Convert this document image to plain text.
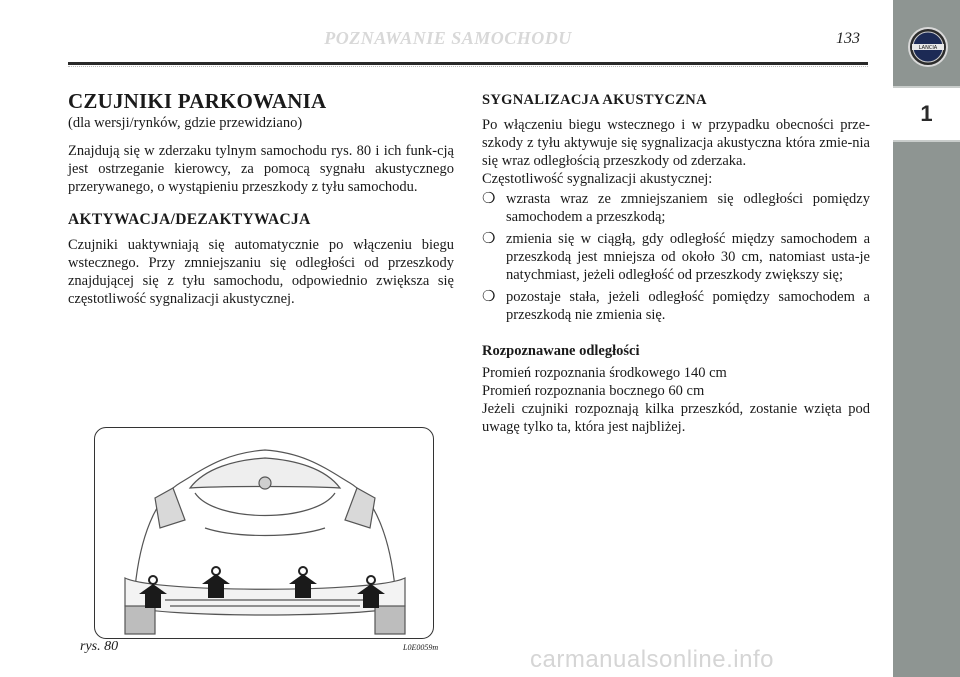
LANCIA
1
POZNAWANIE SAMOCHODU	133
CZUJNIKI PARKOWANIA
(dla wersji/rynków, gdzie przewidziano)

Znajdują się w zderzaku tylnym samochodu rys. 80 i ich funk-cją jest ostrzeganie kierowcy, za pomocą sygnału akustycznego przerywanego, o wystąpieniu przeszkody z tyłu samochodu.

AKTYWACJA/DEZAKTYWACJA

Czujniki uaktywniają się automatycznie po włączeniu biegu wstecznego. Przy zmniejszaniu się odległości od przeszkody znajdującej się z tyłu samochodu, odpowiednio zwiększa się częstotliwość sygnalizacji akustycznej.

SYGNALIZACJA AKUSTYCZNA

Po włączeniu biegu wstecznego i w przypadku obecności prze-szkody z tyłu aktywuje się sygnalizacja akustyczna która zmie-nia się wraz odległością przeszkody od zderzaka.

Częstotliwość sygnalizacji akustycznej:

❍ wzrasta wraz ze zmniejszaniem się odległości pomiędzy samochodem a przeszkodą;
❍ zmienia się w ciągłą, gdy odległość między samochodem a przeszkodą jest mniejsza od około 30 cm, natomiast usta-je natychmiast, jeżeli odległość od przeszkody zwiększy się;
❍ pozostaje stała, jeżeli odległość pomiędzy samochodem a przeszkodą nie zmienia się.
Rozpoznawane odległości

Promień rozpoznania środkowego 140 cm

Promień rozpoznania bocznego 60 cm

Jeżeli czujniki rozpoznają kilka przeszkód, zostanie wzięta pod uwagę tylko ta, która jest najbliżej.

rys. 80	L0E0059m	carmanualsonline.info
